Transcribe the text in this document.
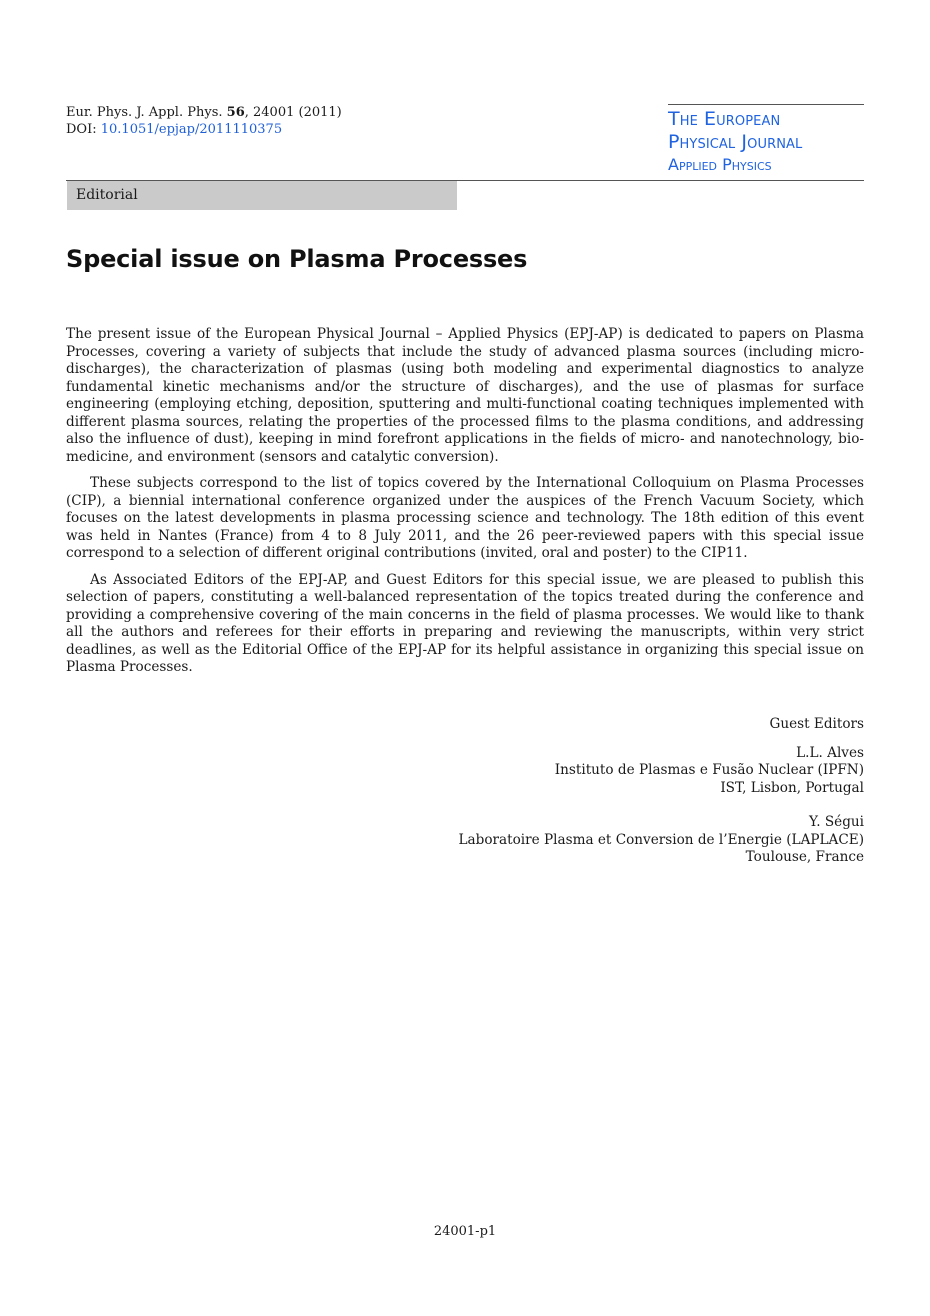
Eur. Phys. J. Appl. Phys. 56, 24001 (2011)
DOI: 10.1051/epjap/2011110375	The European
Physical Journal
Applied Physics
Editorial
Special issue on Plasma Processes

The present issue of the European Physical Journal – Applied Physics (EPJ-AP) is dedicated to papers on Plasma Processes, covering a variety of subjects that include the study of advanced plasma sources (including micro-discharges), the characterization of plasmas (using both modeling and experimental diagnostics to analyze fundamental kinetic mechanisms and/or the structure of discharges), and the use of plasmas for surface engineering (employing etching, deposition, sputtering and multi-functional coating techniques implemented with different plasma sources, relating the properties of the processed films to the plasma conditions, and addressing also the influence of dust), keeping in mind forefront applications in the fields of micro- and nanotechnology, bio-medicine, and environment (sensors and catalytic conversion).

These subjects correspond to the list of topics covered by the International Colloquium on Plasma Processes (CIP), a biennial international conference organized under the auspices of the French Vacuum Society, which focuses on the latest developments in plasma processing science and technology. The 18th edition of this event was held in Nantes (France) from 4 to 8 July 2011, and the 26 peer-reviewed papers with this special issue correspond to a selection of different original contributions (invited, oral and poster) to the CIP11.

As Associated Editors of the EPJ-AP, and Guest Editors for this special issue, we are pleased to publish this selection of papers, constituting a well-balanced representation of the topics treated during the conference and providing a comprehensive covering of the main concerns in the field of plasma processes. We would like to thank all the authors and referees for their efforts in preparing and reviewing the manuscripts, within very strict deadlines, as well as the Editorial Office of the EPJ-AP for its helpful assistance in organizing this special issue on Plasma Processes.

Guest Editors
L.L. Alves
Instituto de Plasmas e Fusão Nuclear (IPFN)
IST, Lisbon, Portugal
Y. Ségui
Laboratoire Plasma et Conversion de l’Energie (LAPLACE)
Toulouse, France
24001-p1
